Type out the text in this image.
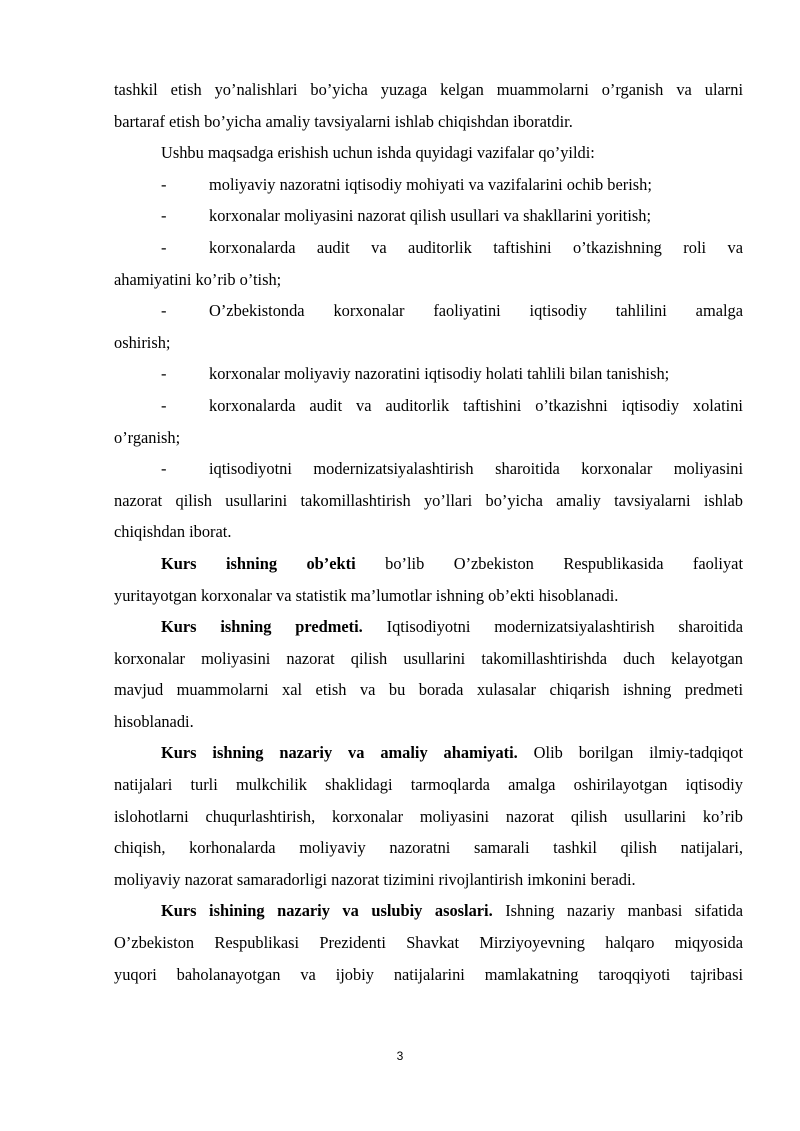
tashkil etish yo’nalishlari bo’yicha yuzaga kelgan muammolarni o’rganish va ularni
bartaraf etish bo’yicha amaliy tavsiyalarni ishlab chiqishdan iboratdir.
Ushbu maqsadga erishish uchun ishda quyidagi vazifalar qo’yildi:
-	moliyaviy nazoratni iqtisodiy mohiyati va vazifalarini ochib berish;
-	korxonalar moliyasini nazorat qilish usullari va shakllarini yoritish;
-	korxonalarda audit va auditorlik taftishini o’tkazishning roli va
ahamiyatini ko’rib o’tish;
-	O’zbekistonda korxonalar faoliyatini iqtisodiy tahlilini amalga
oshirish;
-	korxonalar moliyaviy nazoratini iqtisodiy holati tahlili bilan tanishish;
-	korxonalarda audit va auditorlik taftishini o’tkazishni iqtisodiy xolatini
o’rganish;
-	iqtisodiyotni modernizatsiyalashtirish sharoitida korxonalar moliyasini
nazorat qilish usullarini takomillashtirish yo’llari bo’yicha amaliy tavsiyalarni ishlab
chiqishdan iborat.
Kurs ishning ob’ekti bo’lib O’zbekiston Respublikasida faoliyat
yuritayotgan korxonalar va statistik ma’lumotlar ishning ob’ekti hisoblanadi.
Kurs ishning predmeti. Iqtisodiyotni modernizatsiyalashtirish sharoitida
korxonalar moliyasini nazorat qilish usullarini takomillashtirishda duch kelayotgan
mavjud muammolarni xal etish va bu borada xulasalar chiqarish ishning predmeti
hisoblanadi.
Kurs ishning nazariy va amaliy ahamiyati. Olib borilgan ilmiy-tadqiqot
natijalari turli mulkchilik shaklidagi tarmoqlarda amalga oshirilayotgan iqtisodiy
islohotlarni chuqurlashtirish, korxonalar moliyasini nazorat qilish usullarini ko’rib
chiqish, korhonalarda moliyaviy nazoratni samarali tashkil qilish natijalari,
moliyaviy nazorat samaradorligi nazorat tizimini rivojlantirish imkonini beradi.
Kurs ishining nazariy va uslubiy asoslari. Ishning nazariy manbasi sifatida
O’zbekiston Respublikasi Prezidenti Shavkat Mirziyoyevning halqaro miqyosida
yuqori baholanayotgan va ijobiy natijalarini mamlakatning taroqqiyoti tajribasi
3
